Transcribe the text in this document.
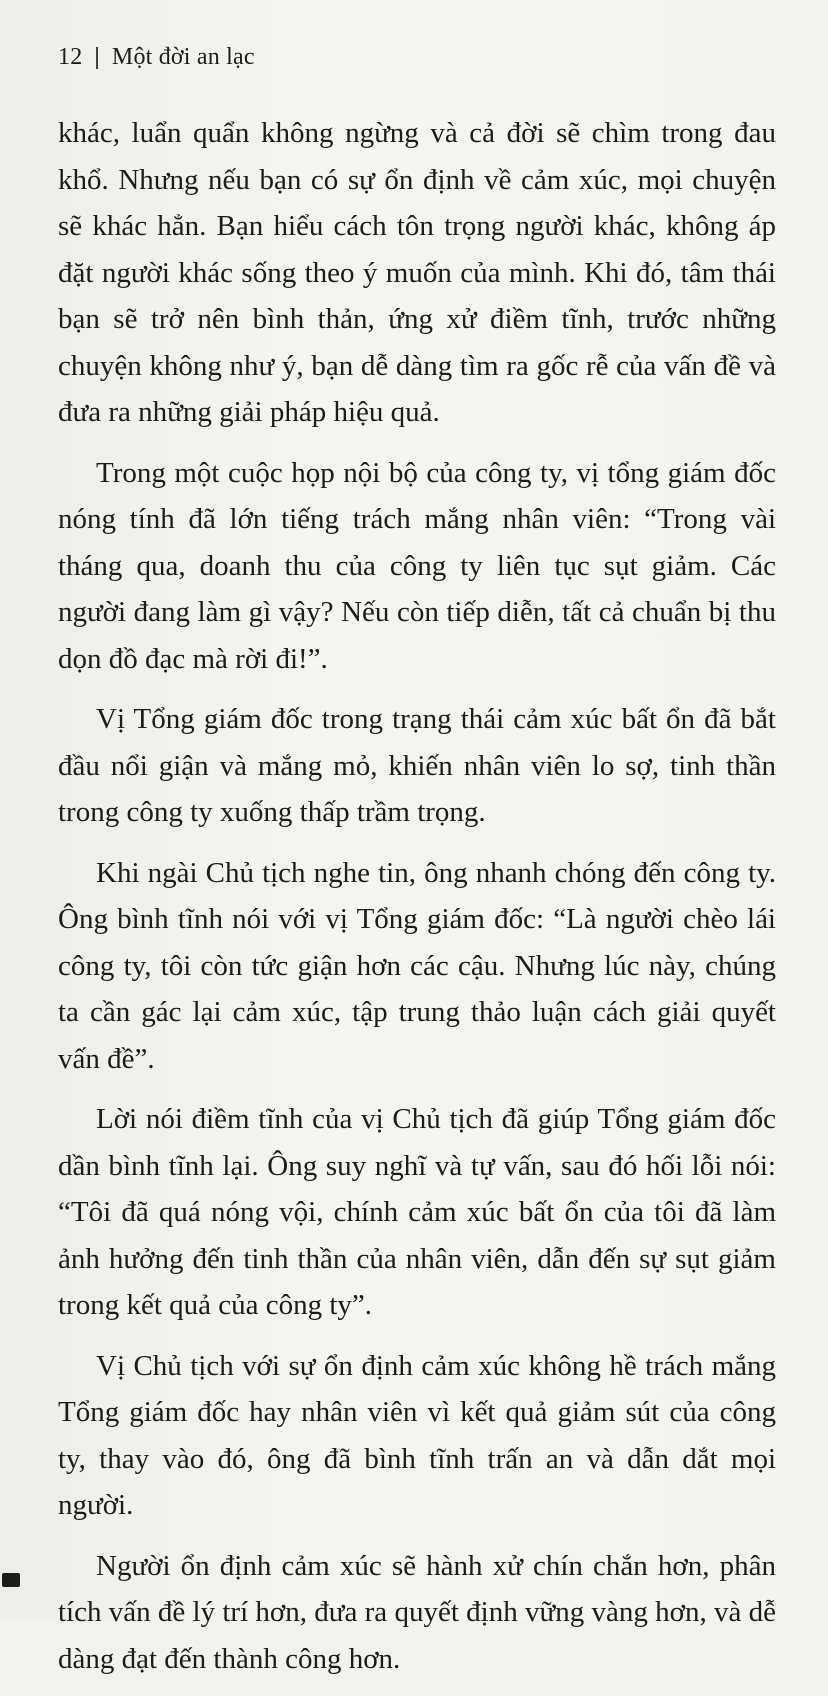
12 | Một đời an lạc

khác, luẩn quẩn không ngừng và cả đời sẽ chìm trong đau khổ. Nhưng nếu bạn có sự ổn định về cảm xúc, mọi chuyện sẽ khác hẳn. Bạn hiểu cách tôn trọng người khác, không áp đặt người khác sống theo ý muốn của mình. Khi đó, tâm thái bạn sẽ trở nên bình thản, ứng xử điềm tĩnh, trước những chuyện không như ý, bạn dễ dàng tìm ra gốc rễ của vấn đề và đưa ra những giải pháp hiệu quả.

Trong một cuộc họp nội bộ của công ty, vị tổng giám đốc nóng tính đã lớn tiếng trách mắng nhân viên: “Trong vài tháng qua, doanh thu của công ty liên tục sụt giảm. Các người đang làm gì vậy? Nếu còn tiếp diễn, tất cả chuẩn bị thu dọn đồ đạc mà rời đi!”.

Vị Tổng giám đốc trong trạng thái cảm xúc bất ổn đã bắt đầu nổi giận và mắng mỏ, khiến nhân viên lo sợ, tinh thần trong công ty xuống thấp trầm trọng.

Khi ngài Chủ tịch nghe tin, ông nhanh chóng đến công ty. Ông bình tĩnh nói với vị Tổng giám đốc: “Là người chèo lái công ty, tôi còn tức giận hơn các cậu. Nhưng lúc này, chúng ta cần gác lại cảm xúc, tập trung thảo luận cách giải quyết vấn đề”.

Lời nói điềm tĩnh của vị Chủ tịch đã giúp Tổng giám đốc dần bình tĩnh lại. Ông suy nghĩ và tự vấn, sau đó hối lỗi nói: “Tôi đã quá nóng vội, chính cảm xúc bất ổn của tôi đã làm ảnh hưởng đến tinh thần của nhân viên, dẫn đến sự sụt giảm trong kết quả của công ty”.

Vị Chủ tịch với sự ổn định cảm xúc không hề trách mắng Tổng giám đốc hay nhân viên vì kết quả giảm sút của công ty, thay vào đó, ông đã bình tĩnh trấn an và dẫn dắt mọi người.

Người ổn định cảm xúc sẽ hành xử chín chắn hơn, phân tích vấn đề lý trí hơn, đưa ra quyết định vững vàng hơn, và dễ dàng đạt đến thành công hơn.
